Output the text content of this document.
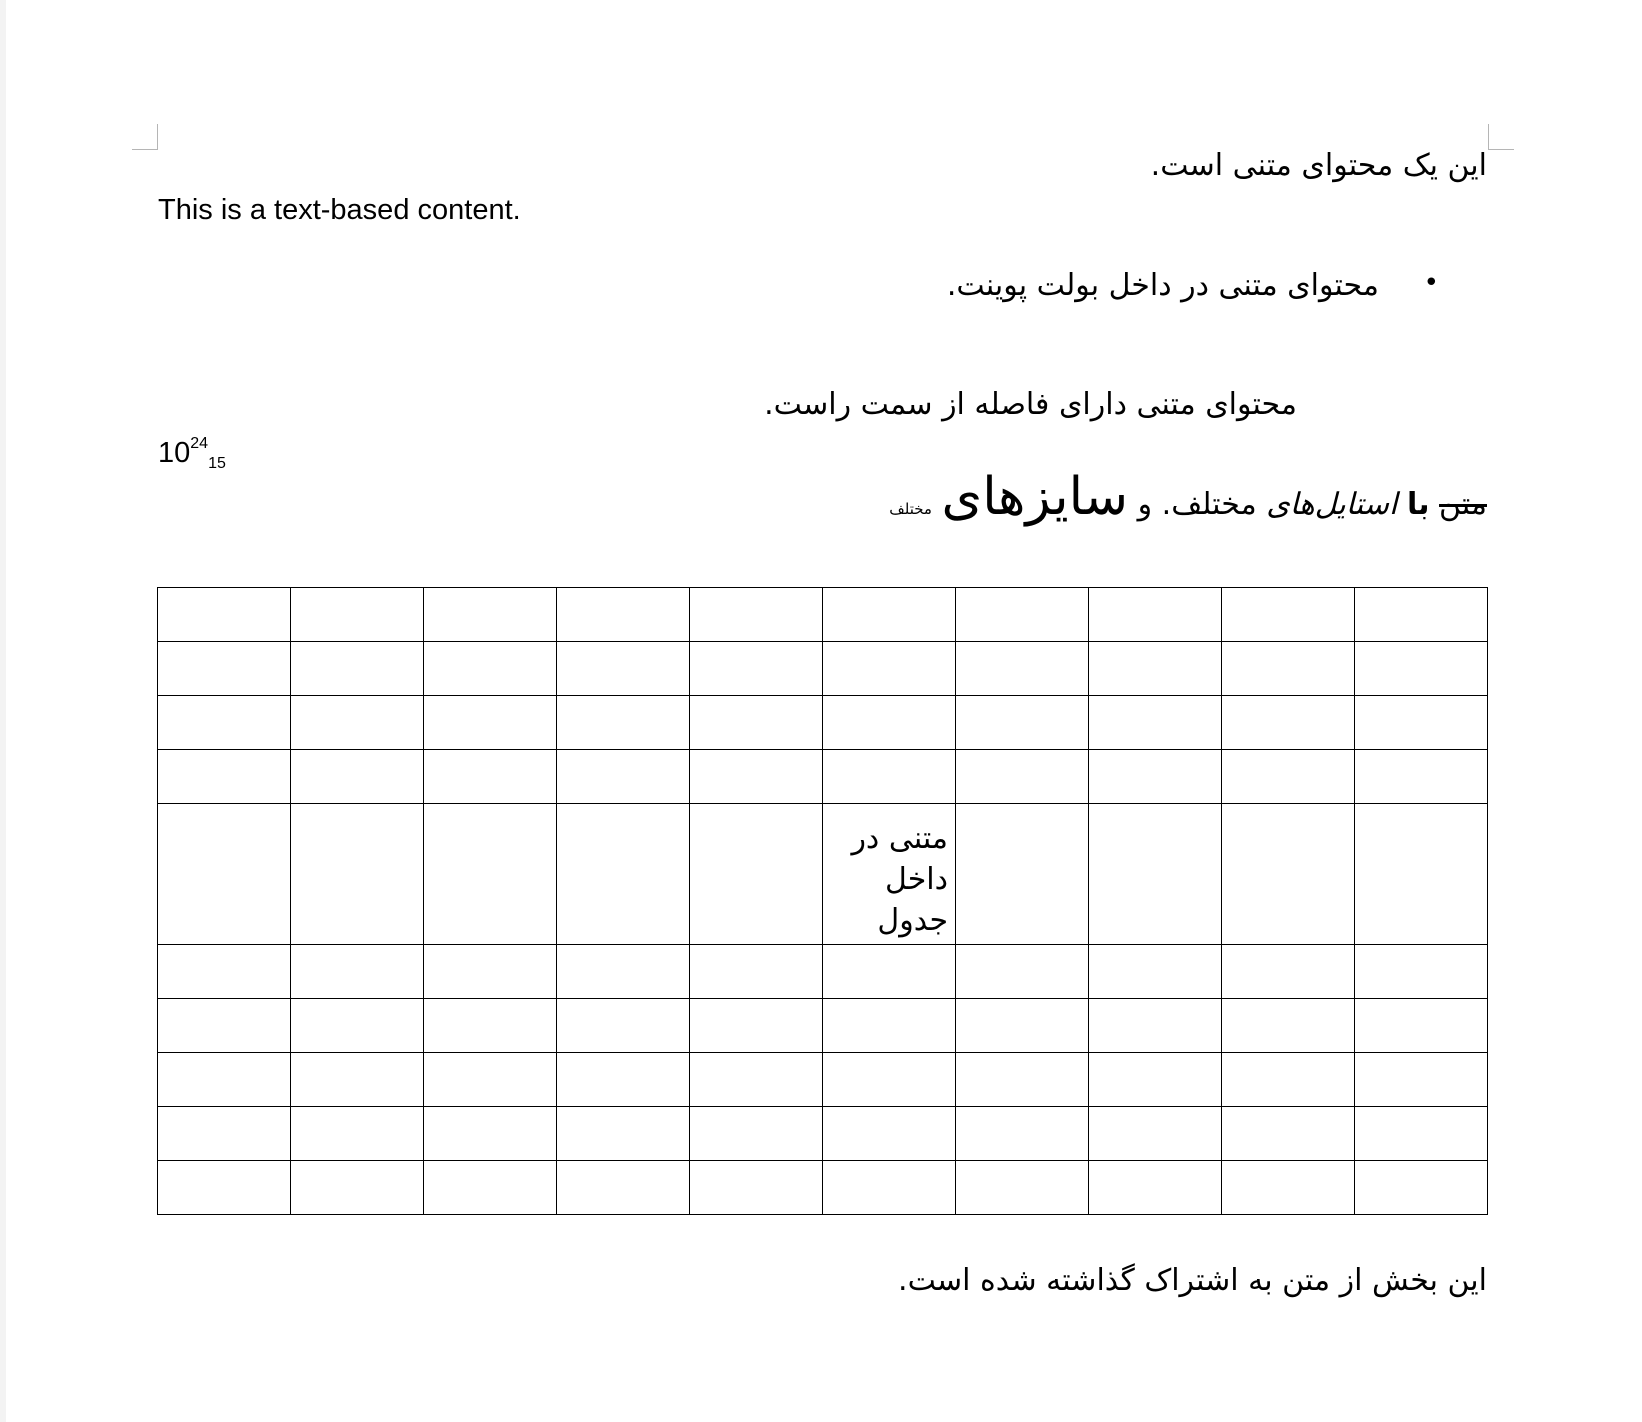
این یک محتوای متنی است.
This is a text-based content.
•
محتوای متنی در داخل بولت پوینت.
محتوای متنی دارای فاصله از سمت راست.
$10^{24}_{15}$
متن با استایل‌های مختلف. و سایزهای مختلف

					متنی در داخل جدول				

این بخش از متن به اشتراک گذاشته شده است.
